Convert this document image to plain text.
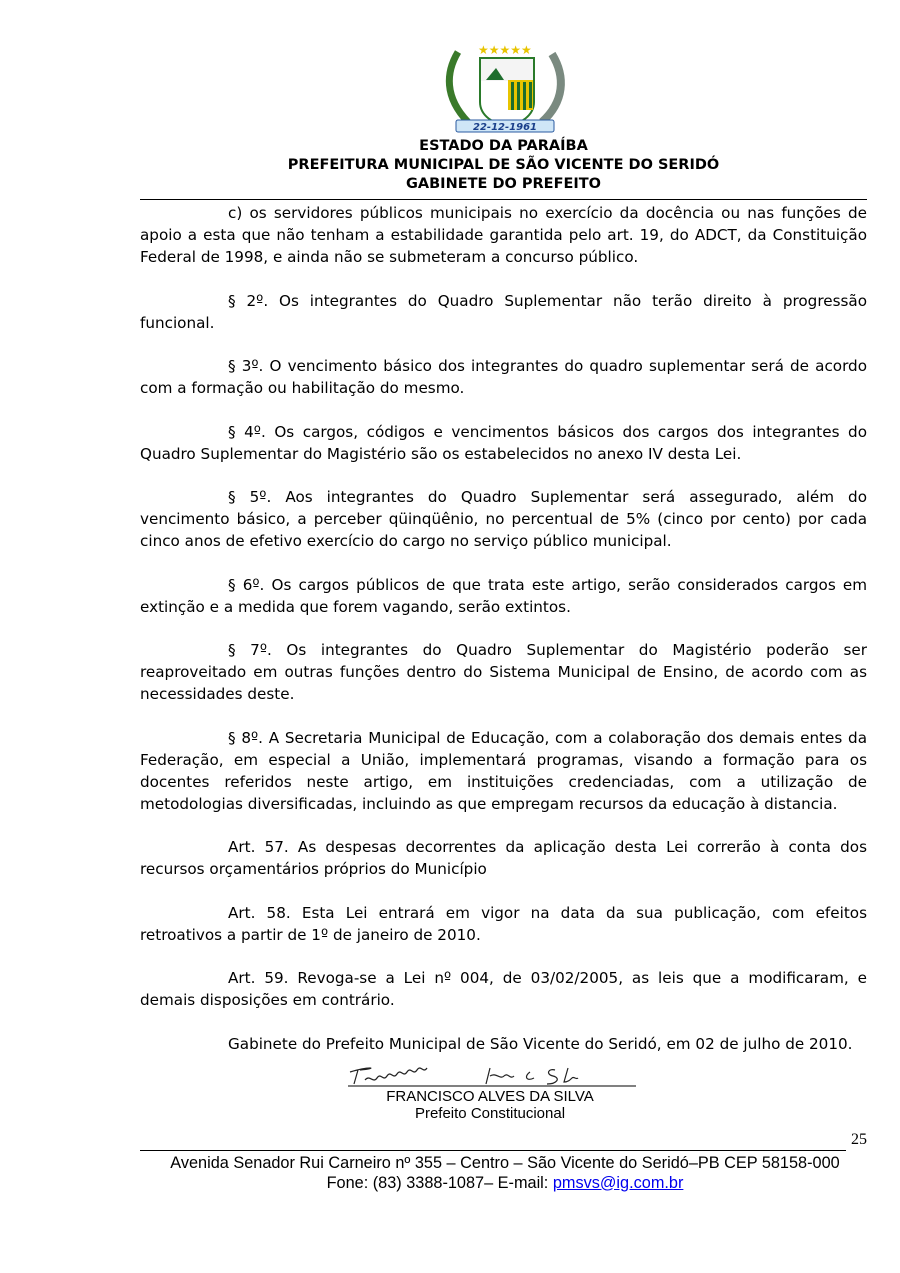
★★★★★
22-12-1961
ESTADO DA PARAÍBA
PREFEITURA MUNICIPAL DE SÃO VICENTE DO SERIDÓ
GABINETE DO PREFEITO

c) os servidores públicos municipais no exercício da docência ou nas funções de apoio a esta que não tenham a estabilidade garantida pelo art. 19, do ADCT, da Constituição Federal de 1998, e ainda não se submeteram a concurso público.

§ 2º. Os integrantes do Quadro Suplementar não terão direito à progressão funcional.

§ 3º. O vencimento básico dos integrantes do quadro suplementar será de acordo com a formação ou habilitação do mesmo.

§ 4º. Os cargos, códigos e vencimentos básicos dos cargos dos integrantes do Quadro Suplementar do Magistério são os estabelecidos no anexo IV desta Lei.

§ 5º. Aos integrantes do Quadro Suplementar será assegurado, além do vencimento básico, a perceber qüinqüênio, no percentual de 5% (cinco por cento) por cada cinco anos de efetivo exercício do cargo no serviço público municipal.

§ 6º. Os cargos públicos de que trata este artigo, serão considerados cargos em extinção e a medida que forem vagando, serão extintos.

§ 7º. Os integrantes do Quadro Suplementar do Magistério poderão ser reaproveitado em outras funções dentro do Sistema Municipal de Ensino, de acordo com as necessidades deste.

§ 8º. A Secretaria Municipal de Educação, com a colaboração dos demais entes da Federação, em especial a União, implementará programas, visando a formação para os docentes referidos neste artigo, em instituições credenciadas, com a utilização de metodologias diversificadas, incluindo as que empregam recursos da educação à distancia.

Art. 57. As despesas decorrentes da aplicação desta Lei correrão à conta dos recursos orçamentários próprios do Município

Art. 58. Esta Lei entrará em vigor na data da sua publicação, com efeitos retroativos a partir de 1º de janeiro de 2010.

Art. 59. Revoga-se a Lei nº 004, de 03/02/2005, as leis que a modificaram, e demais disposições em contrário.

Gabinete do Prefeito Municipal de São Vicente do Seridó, em 02 de julho de 2010.

FRANCISCO ALVES DA SILVA
Prefeito Constitucional
25
Avenida Senador Rui Carneiro nº 355 – Centro – São Vicente do Seridó–PB CEP 58158-000
Fone: (83) 3388-1087– E-mail: pmsvs@ig.com.br
